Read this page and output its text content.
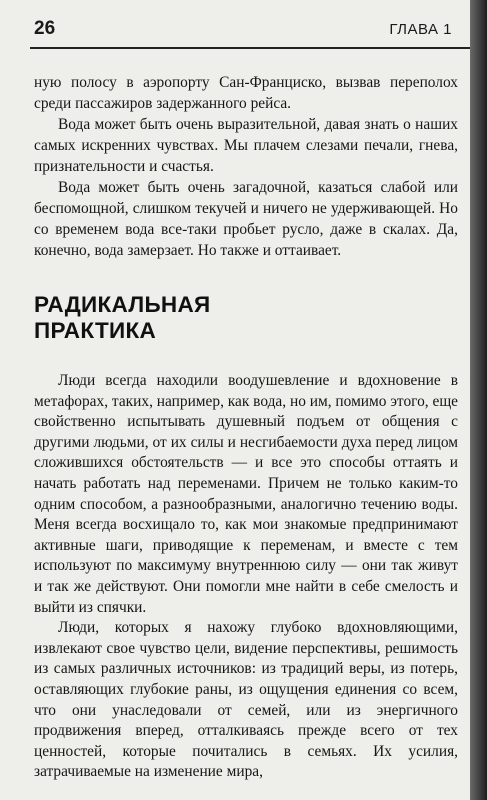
26	ГЛАВА 1

ную полосу в аэропорту Сан-Франциско, вызвав переполох среди пассажиров задержанного рейса.

Вода может быть очень выразительной, давая знать о наших самых искренних чувствах. Мы плачем слезами печали, гнева, признательности и счастья.

Вода может быть очень загадочной, казаться слабой или беспомощной, слишком текучей и ничего не удерживающей. Но со временем вода все-таки пробьет русло, даже в скалах. Да, конечно, вода замерзает. Но также и оттаивает.

РАДИКАЛЬНАЯ
ПРАКТИКА

Люди всегда находили воодушевление и вдохновение в метафорах, таких, например, как вода, но им, помимо этого, еще свойственно испытывать душевный подъем от общения с другими людьми, от их силы и несгибаемости духа перед лицом сложившихся обстоятельств — и все это способы оттаять и начать работать над переменами. Причем не только каким-то одним способом, а разнообразными, аналогично течению воды. Меня всегда восхищало то, как мои знакомые предпринимают активные шаги, приводящие к переменам, и вместе с тем используют по максимуму внутреннюю силу — они так живут и так же действуют. Они помогли мне найти в себе смелость и выйти из спячки.

Люди, которых я нахожу глубоко вдохновляющими, извлекают свое чувство цели, видение перспективы, решимость из самых различных источников: из традиций веры, из потерь, оставляющих глубокие раны, из ощущения единения со всем, что они унаследовали от семей, или из энергичного продвижения вперед, отталкиваясь прежде всего от тех ценностей, которые почитались в семьях. Их усилия, затрачиваемые на изменение мира,
